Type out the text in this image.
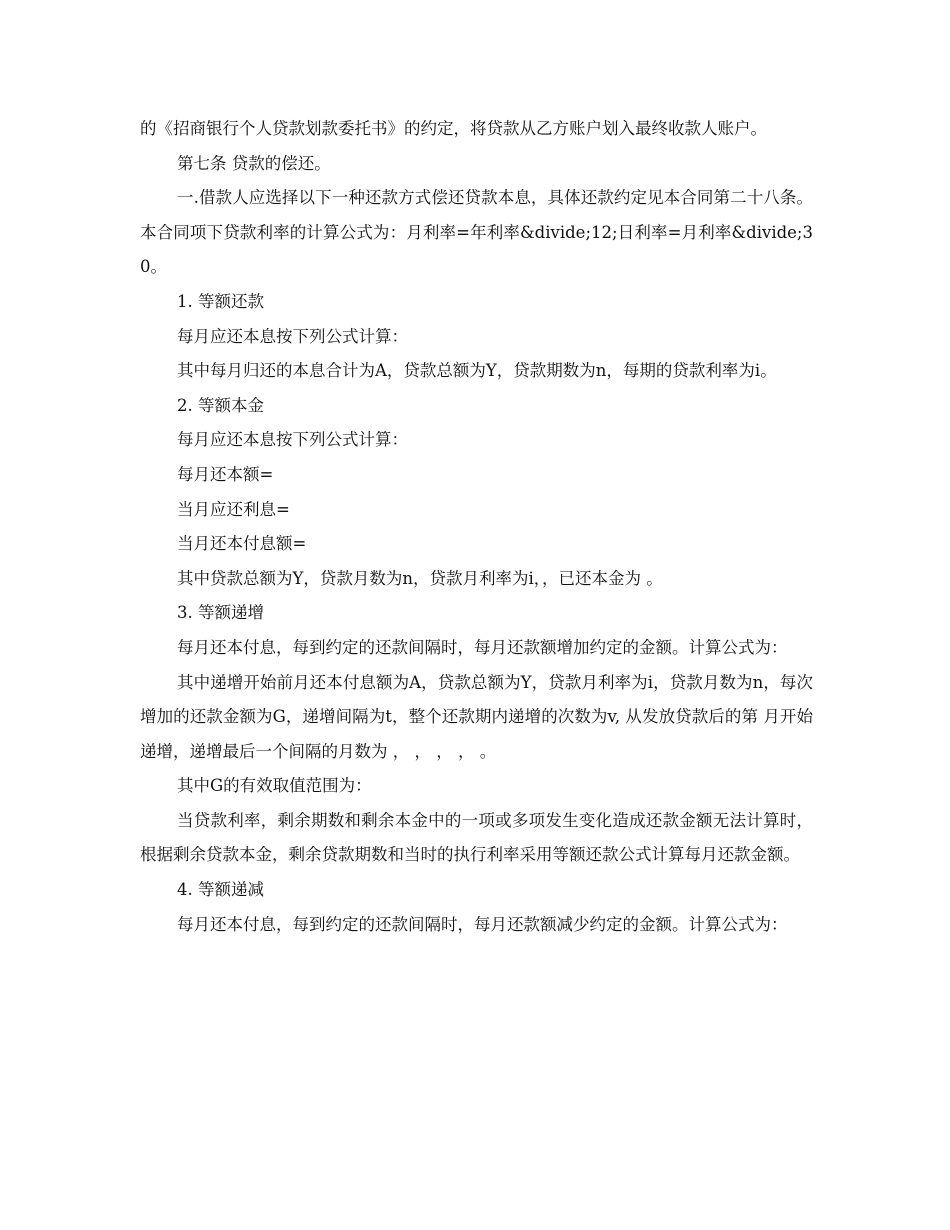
的《招商银行个人贷款划款委托书》的约定，将贷款从乙方账户划入最终收款人账户。

第七条 贷款的偿还。

一.借款人应选择以下一种还款方式偿还贷款本息，具体还款约定见本合同第二十八条。本合同项下贷款利率的计算公式为：月利率=年利率&divide;12;日利率=月利率&divide;30。

1. 等额还款

每月应还本息按下列公式计算：

其中每月归还的本息合计为A，贷款总额为Y，贷款期数为n，每期的贷款利率为i。

2. 等额本金

每月应还本息按下列公式计算：

每月还本额=

当月应还利息=

当月还本付息额=

其中贷款总额为Y，贷款月数为n，贷款月利率为i，，已还本金为 。

3. 等额递增

每月还本付息，每到约定的还款间隔时，每月还款额增加约定的金额。计算公式为：

其中递增开始前月还本付息额为A，贷款总额为Y，贷款月利率为i，贷款月数为n，每次增加的还款金额为G，递增间隔为t，整个还款期内递增的次数为v, 从发放贷款后的第 月开始递增，递增最后一个间隔的月数为 ， ， ， ， 。

其中G的有效取值范围为：

当贷款利率，剩余期数和剩余本金中的一项或多项发生变化造成还款金额无法计算时，根据剩余贷款本金，剩余贷款期数和当时的执行利率采用等额还款公式计算每月还款金额。

4. 等额递减

每月还本付息，每到约定的还款间隔时，每月还款额减少约定的金额。计算公式为：
